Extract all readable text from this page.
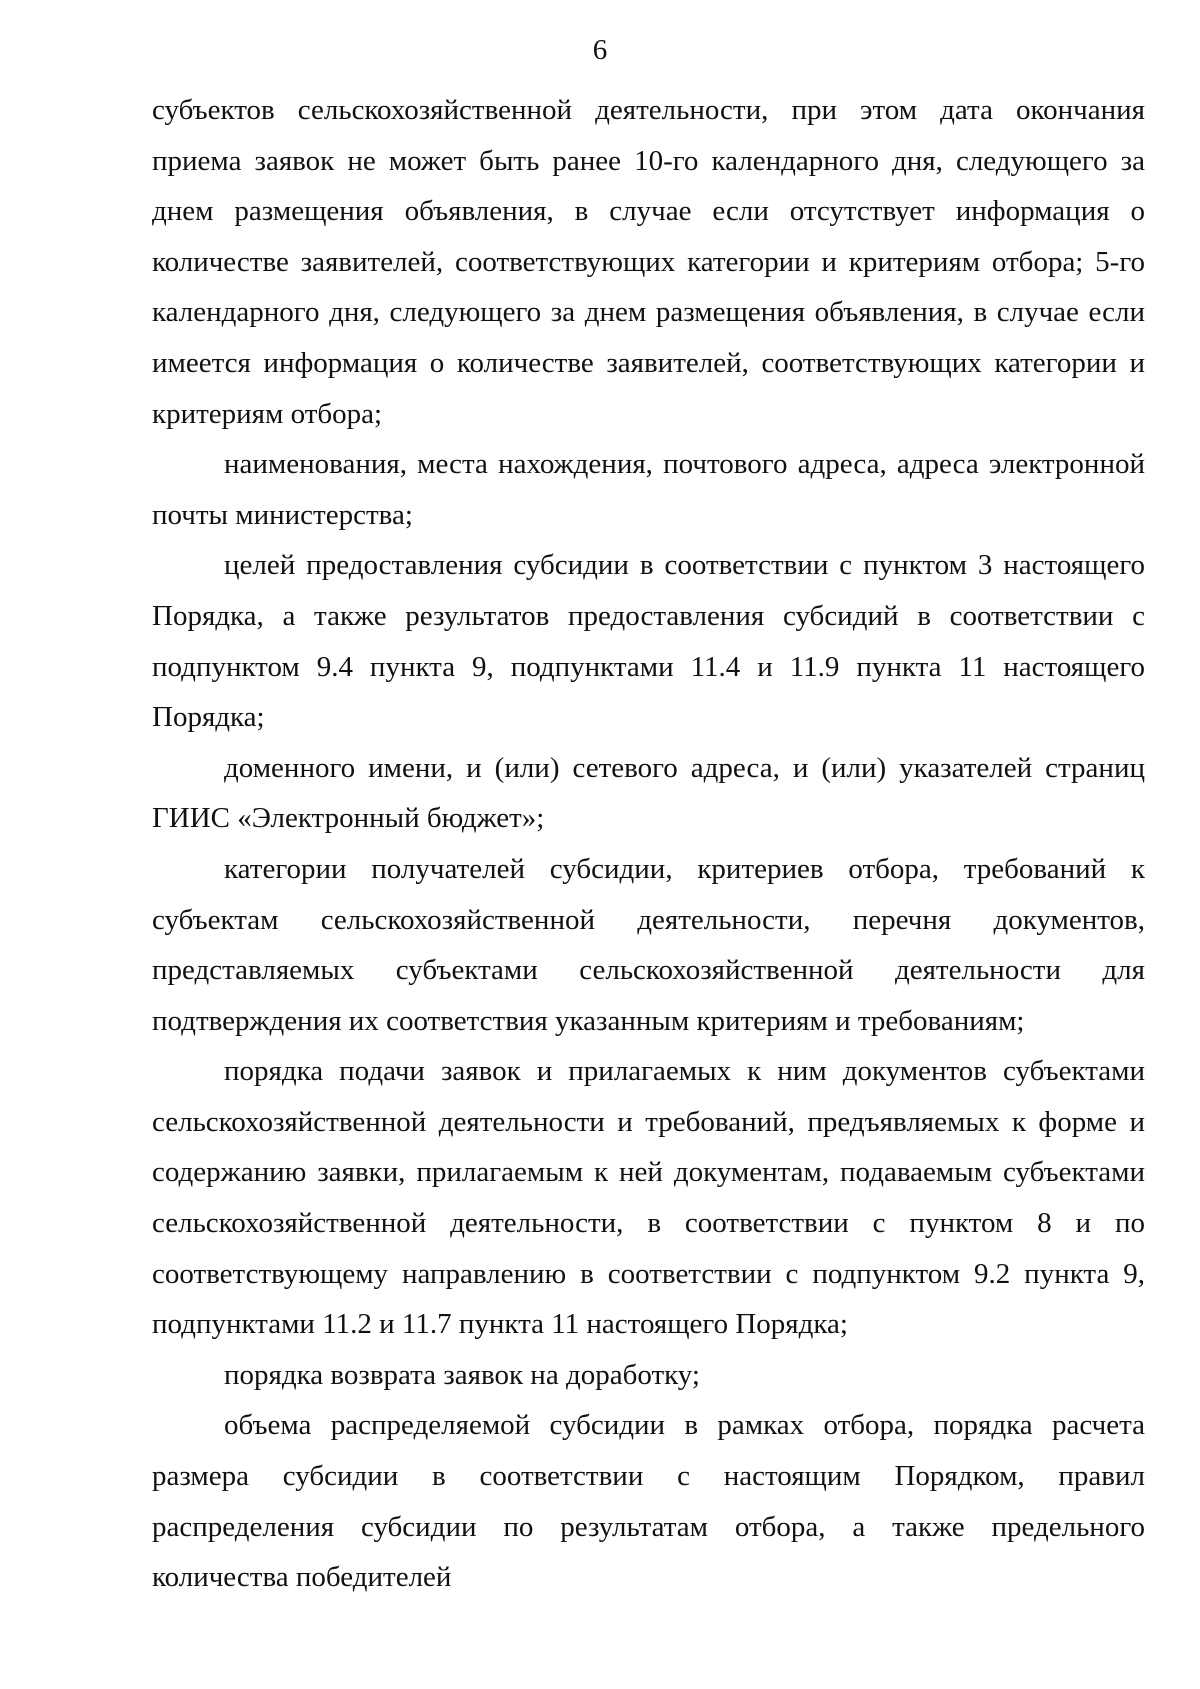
6

субъектов сельскохозяйственной деятельности, при этом дата окончания приема заявок не может быть ранее 10-го календарного дня, следующего за днем размещения объявления, в случае если отсутствует информация о количестве заявителей, соответствующих категории и критериям отбора; 5-го календарного дня, следующего за днем размещения объявления, в случае если имеется информация о количестве заявителей, соответствующих категории и критериям отбора;

наименования, места нахождения, почтового адреса, адреса электронной почты министерства;

целей предоставления субсидии в соответствии с пунктом 3 настоящего Порядка, а также результатов предоставления субсидий в соответствии с подпунктом 9.4 пункта 9, подпунктами 11.4 и 11.9 пункта 11 настоящего Порядка;

доменного имени, и (или) сетевого адреса, и (или) указателей страниц ГИИС «Электронный бюджет»;

категории получателей субсидии, критериев отбора, требований к субъектам сельскохозяйственной деятельности, перечня документов, представляемых субъектами сельскохозяйственной деятельности для подтверждения их соответствия указанным критериям и требованиям;

порядка подачи заявок и прилагаемых к ним документов субъектами сельскохозяйственной деятельности и требований, предъявляемых к форме и содержанию заявки, прилагаемым к ней документам, подаваемым субъектами сельскохозяйственной деятельности, в соответствии с пунктом 8 и по соответствующему направлению в соответствии с подпунктом 9.2 пункта 9, подпунктами 11.2 и 11.7 пункта 11 настоящего Порядка;

порядка возврата заявок на доработку;

объема распределяемой субсидии в рамках отбора, порядка расчета размера субсидии в соответствии с настоящим Порядком, правил распределения субсидии по результатам отбора, а также предельного количества победителей
